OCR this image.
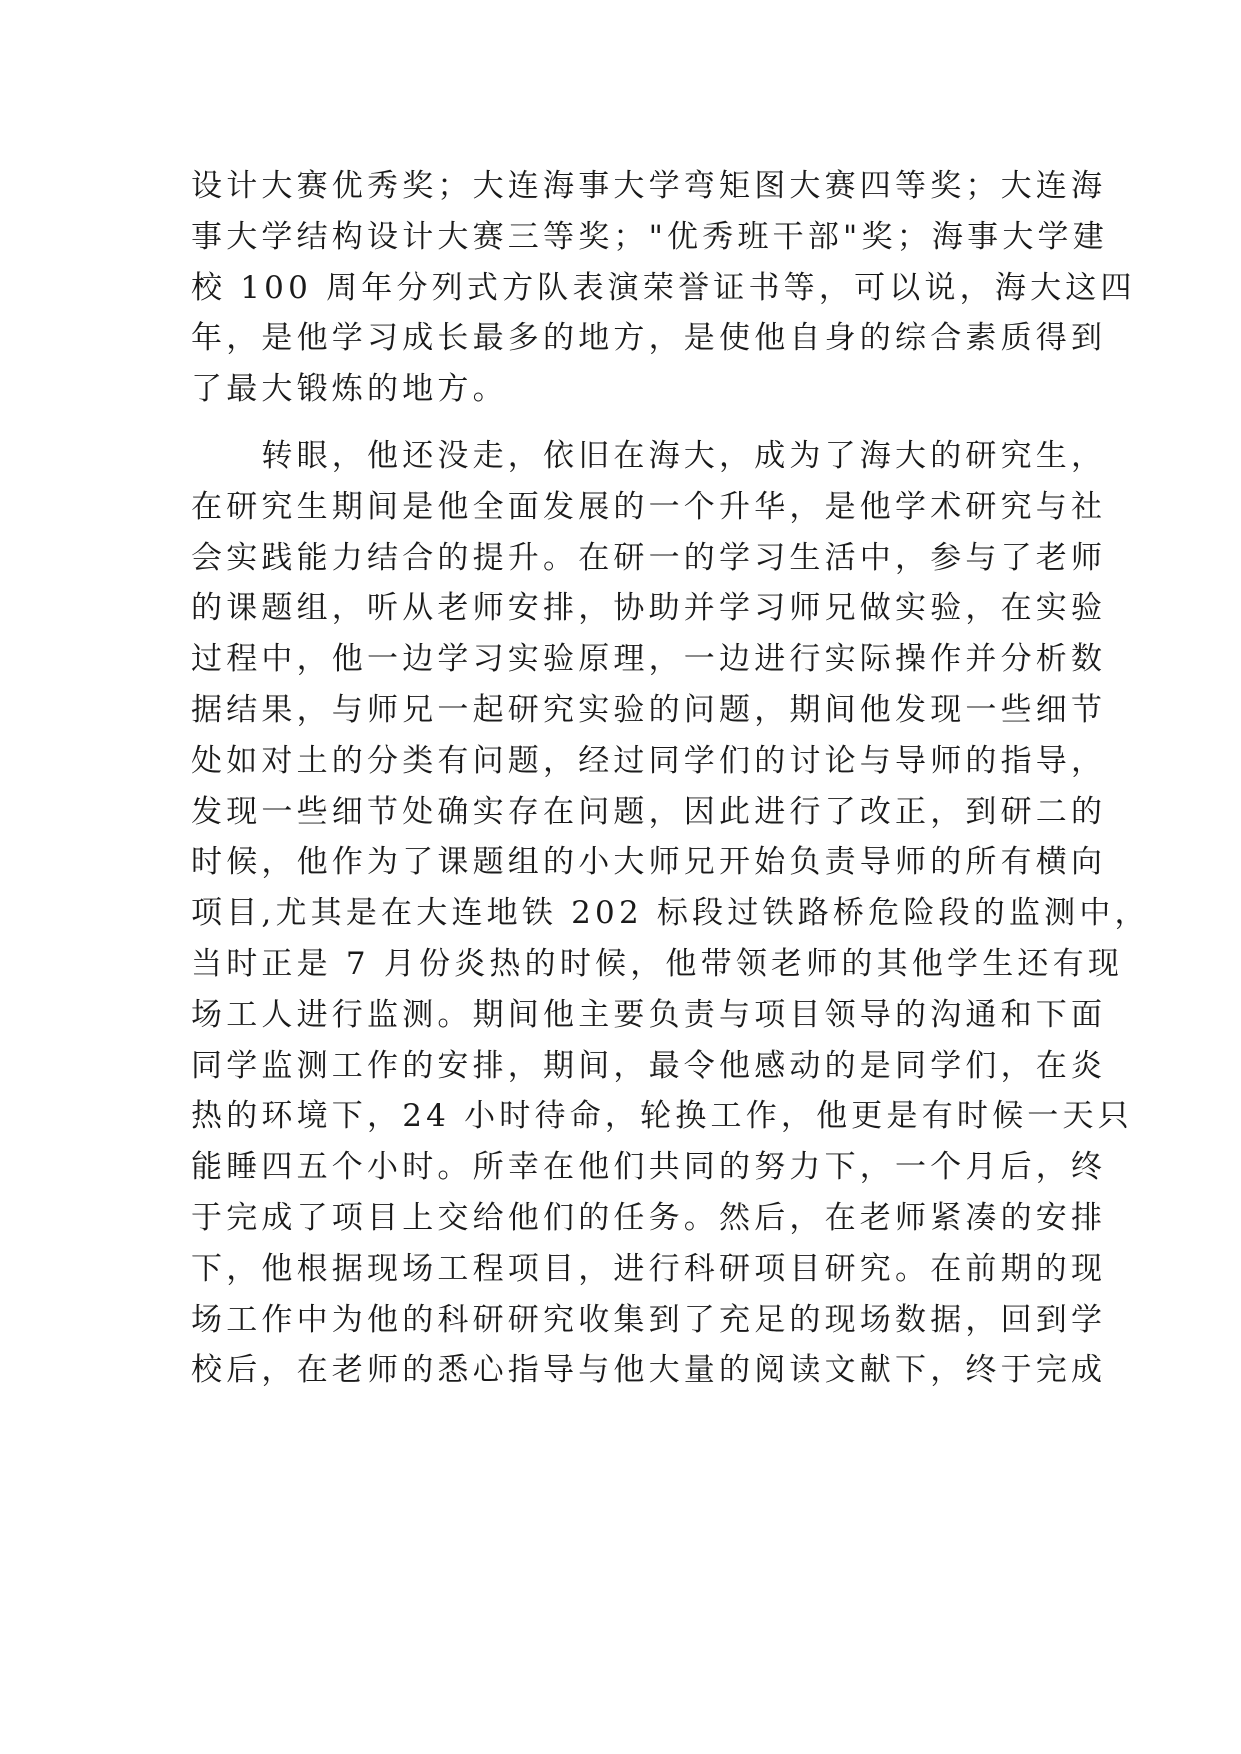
设计大赛优秀奖；大连海事大学弯矩图大赛四等奖；大连海
事大学结构设计大赛三等奖；"优秀班干部"奖；海事大学建
校 100 周年分列式方队表演荣誉证书等，可以说，海大这四
年，是他学习成长最多的地方，是使他自身的综合素质得到
了最大锻炼的地方。
　　转眼，他还没走，依旧在海大，成为了海大的研究生，
在研究生期间是他全面发展的一个升华，是他学术研究与社
会实践能力结合的提升。在研一的学习生活中，参与了老师
的课题组，听从老师安排，协助并学习师兄做实验，在实验
过程中，他一边学习实验原理，一边进行实际操作并分析数
据结果，与师兄一起研究实验的问题，期间他发现一些细节
处如对土的分类有问题，经过同学们的讨论与导师的指导，
发现一些细节处确实存在问题，因此进行了改正，到研二的
时候，他作为了课题组的小大师兄开始负责导师的所有横向
项目,尤其是在大连地铁 202 标段过铁路桥危险段的监测中，
当时正是 7 月份炎热的时候，他带领老师的其他学生还有现
场工人进行监测。期间他主要负责与项目领导的沟通和下面
同学监测工作的安排，期间，最令他感动的是同学们，在炎
热的环境下，24 小时待命，轮换工作，他更是有时候一天只
能睡四五个小时。所幸在他们共同的努力下，一个月后，终
于完成了项目上交给他们的任务。然后，在老师紧凑的安排
下，他根据现场工程项目，进行科研项目研究。在前期的现
场工作中为他的科研研究收集到了充足的现场数据，回到学
校后，在老师的悉心指导与他大量的阅读文献下，终于完成
